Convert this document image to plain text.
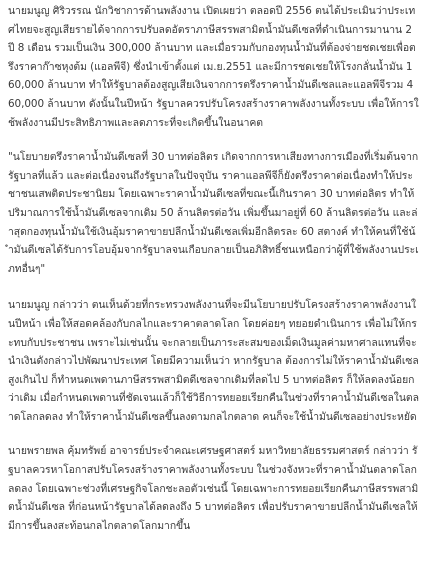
นายมนูญ ศิริวรรณ นักวิชาการด้านพลังงาน เปิดเผยว่า ตลอดปี 2556 ตนได้ประเมินว่าประเทศไทยจะสูญเสียรายได้จากการปรับลดอัตราภาษีสรรพสามิตน้ำมันดีเซลที่ดำเนินการมานาน 2 ปี 8 เดือน รวมเป็นเงิน 300,000 ล้านบาท และเมื่อรวมกับกองทุนน้ำมันที่ต้องจ่ายชดเชยเพื่อตรึงราคาก๊าซหุงต้ม (แอลพีจี) ซึ่งนำเข้าตั้งแต่ เม.ย.2551 และมีการชดเชยให้โรงกลั่นน้ำมัน 160,000 ล้านบาท ทำให้รัฐบาลต้องสูญเสียเงินจากการตรึงราคาน้ำมันดีเซลและแอลพีจีรวม 460,000 ล้านบาท ดังนั้นในปีหน้า รัฐบาลควรปรับโครงสร้างราคาพลังงานทั้งระบบ เพื่อให้การใช้พลังงานมีประสิทธิภาพและลดภาระที่จะเกิดขึ้นในอนาคต

"นโยบายตรึงราคาน้ำมันดีเซลที่ 30 บาทต่อลิตร เกิดจากการหาเสียงทางการเมืองที่เริ่มต้นจากรัฐบาลที่แล้ว และต่อเนื่องจนถึงรัฐบาลในปัจจุบัน ราคาแอลพีจีก็ยังตรึงราคาต่อเนื่องทำให้ประชาชนเสพติดประชานิยม โดยเฉพาะราคาน้ำมันดีเซลที่ขณะนี้เกินราคา 30 บาทต่อลิตร ทำให้ปริมาณการใช้น้ำมันดีเซลจากเดิม 50 ล้านลิตรต่อวัน เพิ่มขึ้นมาอยู่ที่ 60 ล้านลิตรต่อวัน และล่าสุดกองทุนน้ำมันใช้เงินอุ้มราคาขายปลีกน้ำมันดีเซลเพิ่มอีกลิตรละ 60 สตางค์ ทำให้คนที่ใช้น้ำมันดีเซลได้รับการโอบอุ้มจากรัฐบาลจนเกือบกลายเป็นอภิสิทธิ์ชนเหนือกว่าผู้ที่ใช้พลังงานประเภทอื่นๆ"

นายมนูญ กล่าวว่า ตนเห็นด้วยที่กระทรวงพลังงานที่จะมีนโยบายปรับโครงสร้างราคาพลังงานในปีหน้า เพื่อให้สอดคล้องกับกลไกและราคาตลาดโลก โดยค่อยๆ ทยอยดำเนินการ เพื่อไม่ให้กระทบกับประชาชน เพราะไม่เช่นนั้น จะกลายเป็นภาระสะสมของเม็ดเงินมูลค่ามหาศาลแทนที่จะนำเงินดังกล่าวไปพัฒนาประเทศ โดยมีความเห็นว่า หากรัฐบาล ต้องการไม่ให้ราคาน้ำมันดีเซลสูงเกินไป ก็ทำหนดเพดานภาษีสรรพสามิตดีเซลจากเดิมที่ลดไป 5 บาทต่อลิตร ก็ให้ลดลงน้อยกว่าเดิม เมื่อกำหนดเพดานที่ชัดเจนแล้วก็ใช้วิธีการทยอยเรียกคืนในช่วงที่ราคาน้ำมันดีเซลในตลาดโลกลดลง ทำให้ราคาน้ำมันดีเซลขึ้นลงตามกลไกตลาด คนก็จะใช้น้ำมันดีเซลอย่างประหยัด

นายพรายพล คุ้มทรัพย์ อาจารย์ประจำคณะเศรษฐศาสตร์ มหาวิทยาลัยธรรมศาสตร์ กล่าวว่า รัฐบาลควรหาโอกาสปรับโครงสร้างราคาพลังงานทั้งระบบ ในช่วงจังหวะที่ราคาน้ำมันตลาดโลกลดลง โดยเฉพาะช่วงที่เศรษฐกิจโลกชะลอตัวเช่นนี้ โดยเฉพาะการทยอยเรียกคืนภาษีสรรพสามิตน้ำมันดีเซล ที่ก่อนหน้ารัฐบาลได้ลดลงถึง 5 บาทต่อลิตร เพื่อปรับราคาขายปลีกน้ำมันดีเซลให้มีการขึ้นลงสะท้อนกลไกตลาดโลกมากขึ้น
